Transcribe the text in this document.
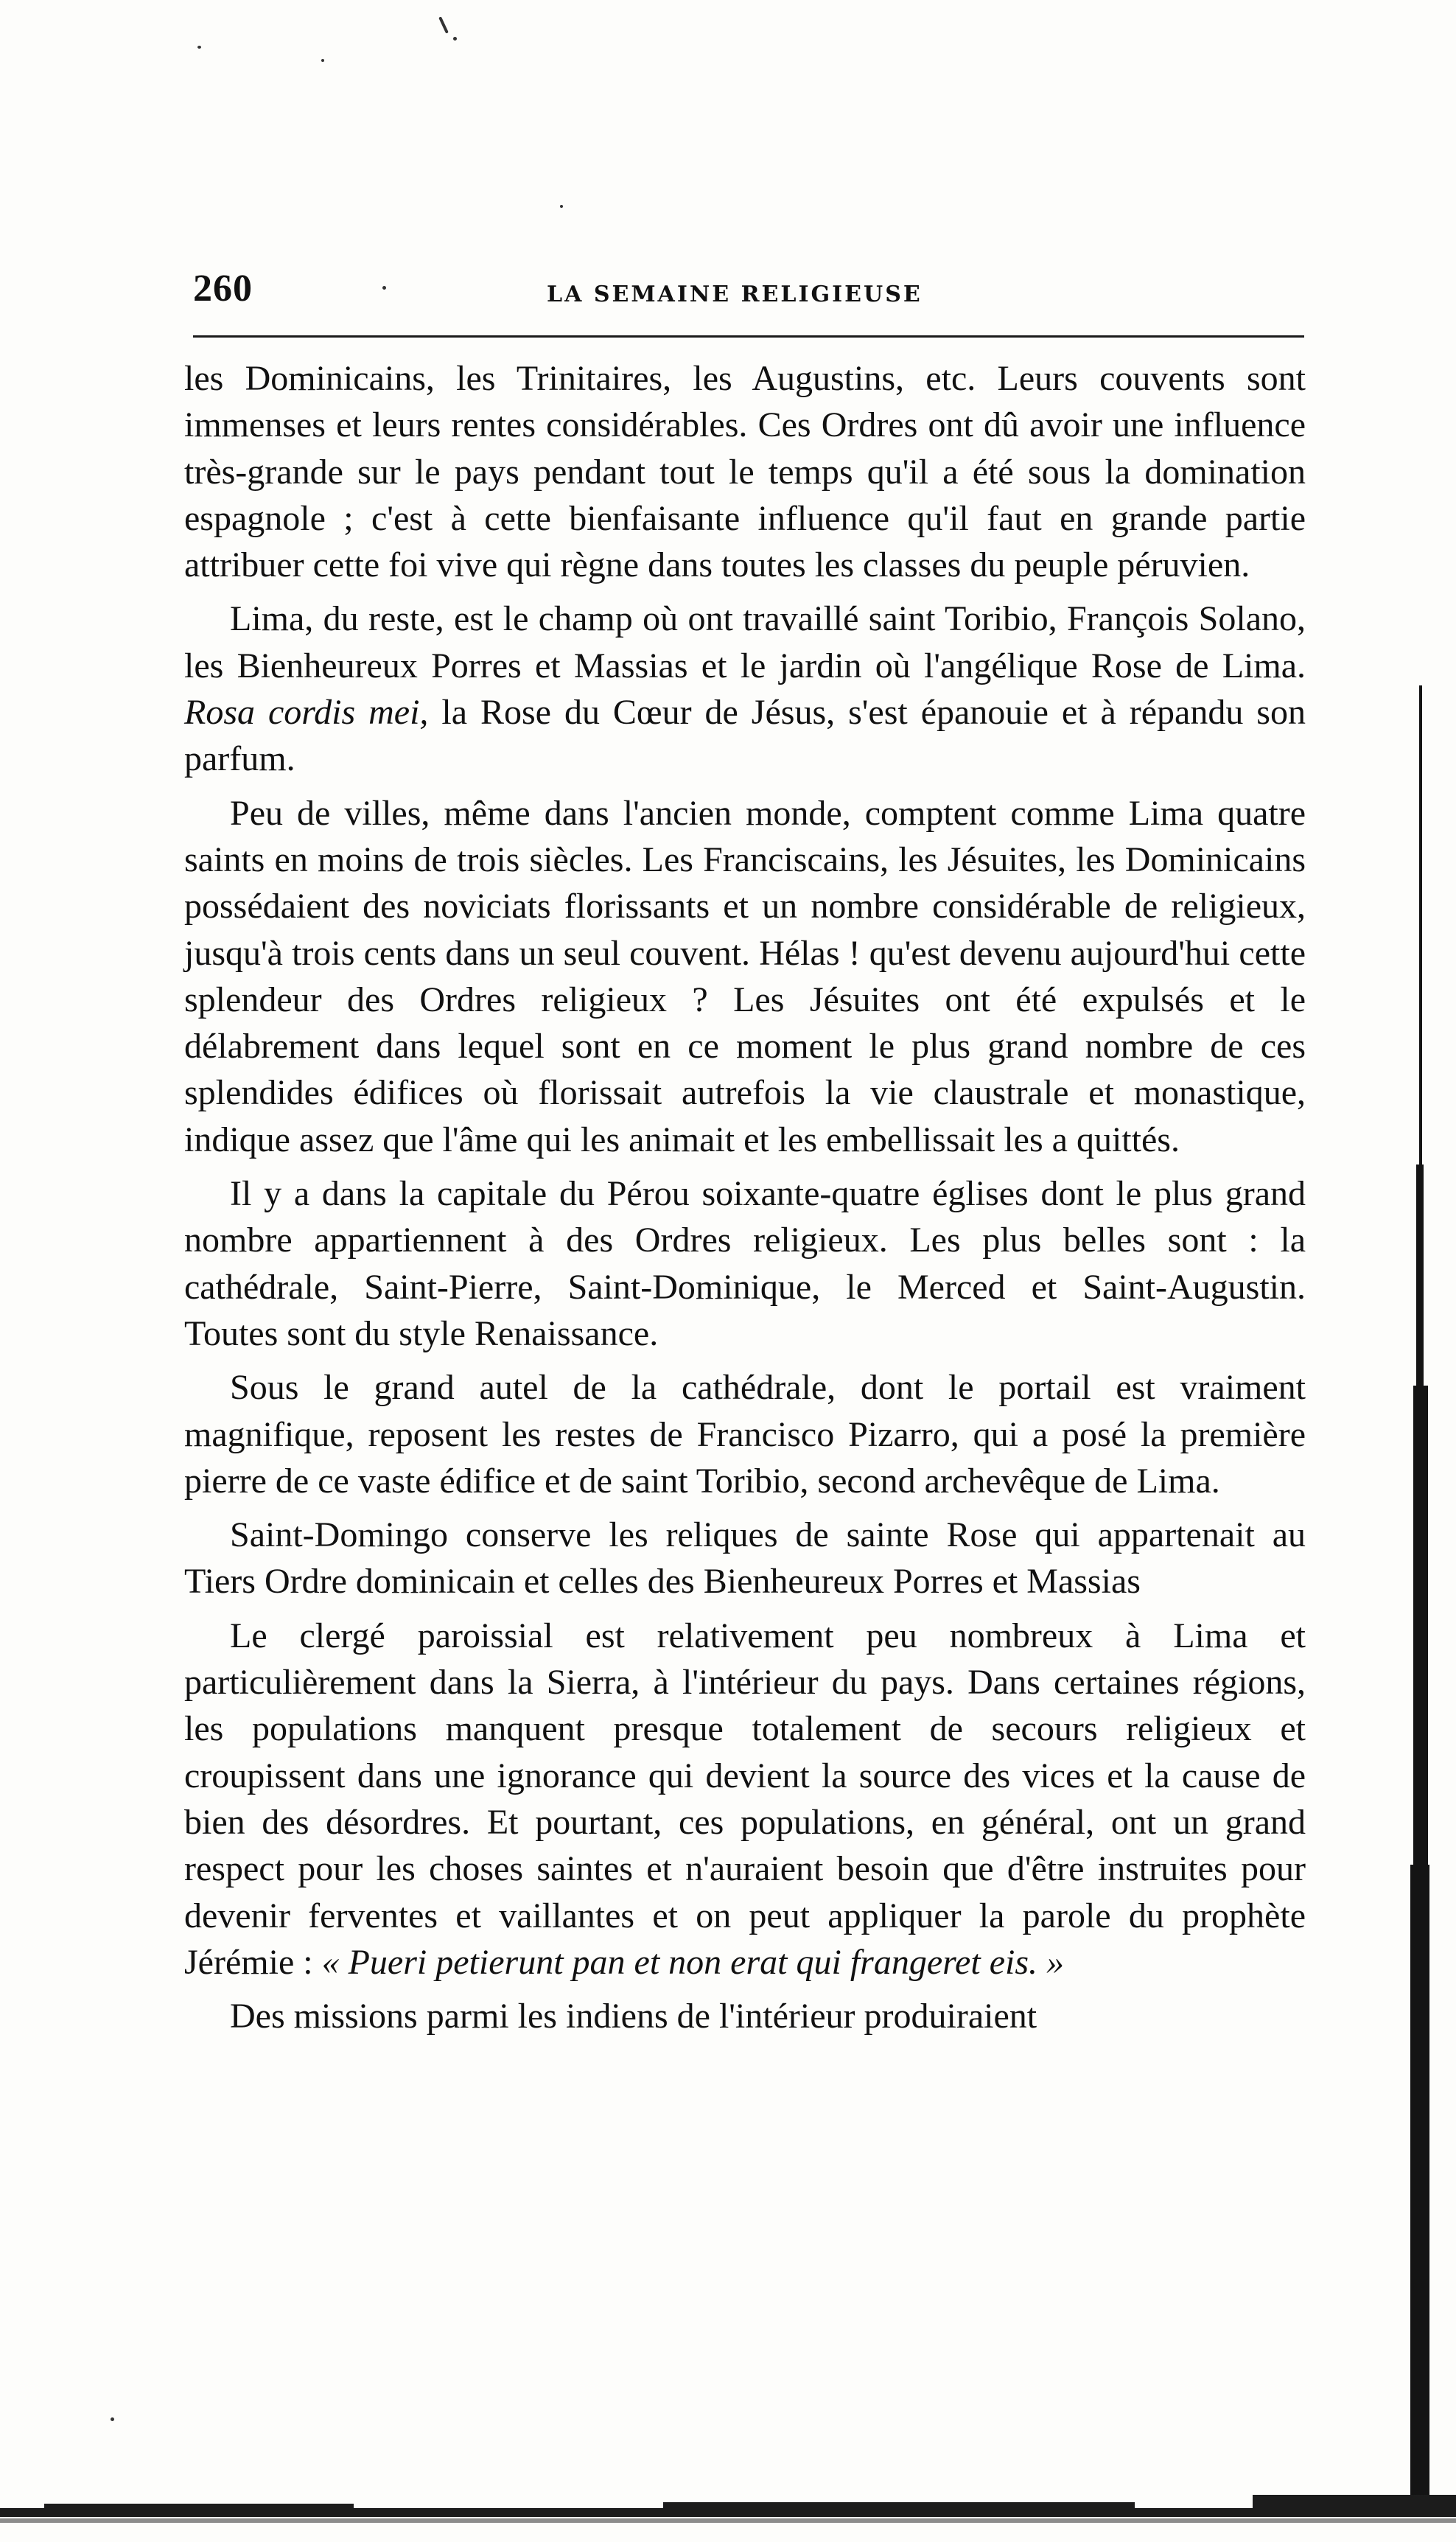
260	LA SEMAINE RELIGIEUSE

les Dominicains, les Trinitaires, les Augustins, etc. Leurs couvents sont immenses et leurs rentes considérables. Ces Ordres ont dû avoir une influence très-grande sur le pays pendant tout le temps qu'il a été sous la domination espagnole ; c'est à cette bienfaisante influence qu'il faut en grande partie attribuer cette foi vive qui règne dans toutes les classes du peuple péruvien.

Lima, du reste, est le champ où ont travaillé saint Toribio, François Solano, les Bienheureux Porres et Massias et le jardin où l'angélique Rose de Lima. Rosa cordis mei, la Rose du Cœur de Jésus, s'est épanouie et à répandu son parfum.

Peu de villes, même dans l'ancien monde, comptent comme Lima quatre saints en moins de trois siècles. Les Franciscains, les Jésuites, les Dominicains possédaient des noviciats florissants et un nombre considérable de religieux, jusqu'à trois cents dans un seul couvent. Hélas ! qu'est devenu aujourd'hui cette splendeur des Ordres religieux ? Les Jésuites ont été expulsés et le délabrement dans lequel sont en ce moment le plus grand nombre de ces splendides édifices où florissait autrefois la vie claustrale et monastique, indique assez que l'âme qui les animait et les embellissait les a quittés.

Il y a dans la capitale du Pérou soixante-quatre églises dont le plus grand nombre appartiennent à des Ordres religieux. Les plus belles sont : la cathédrale, Saint-Pierre, Saint-Dominique, le Merced et Saint-Augustin. Toutes sont du style Renaissance.

Sous le grand autel de la cathédrale, dont le portail est vraiment magnifique, reposent les restes de Francisco Pizarro, qui a posé la première pierre de ce vaste édifice et de saint Toribio, second archevêque de Lima.

Saint-Domingo conserve les reliques de sainte Rose qui appartenait au Tiers Ordre dominicain et celles des Bienheureux Porres et Massias

Le clergé paroissial est relativement peu nombreux à Lima et particulièrement dans la Sierra, à l'intérieur du pays. Dans certaines régions, les populations manquent presque totalement de secours religieux et croupissent dans une ignorance qui devient la source des vices et la cause de bien des désordres. Et pourtant, ces populations, en général, ont un grand respect pour les choses saintes et n'auraient besoin que d'être instruites pour devenir ferventes et vaillantes et on peut appliquer la parole du prophète Jérémie : « Pueri petierunt pan et non erat qui frangeret eis. »

Des missions parmi les indiens de l'intérieur produiraient
